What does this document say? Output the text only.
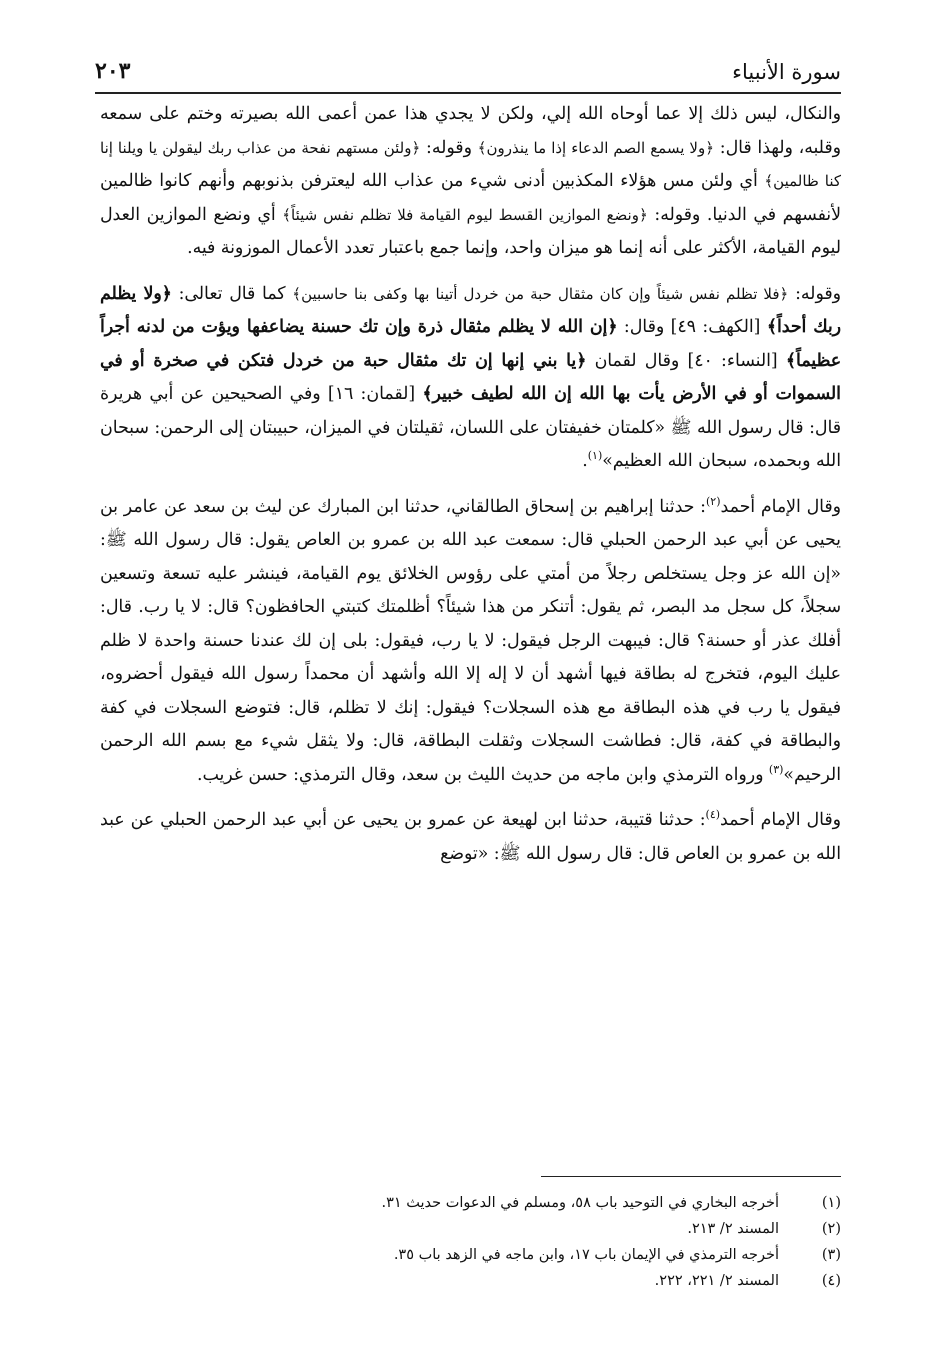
سورة الأنبياء
٢٠٣

والنكال، ليس ذلك إلا عما أوحاه الله إلي، ولكن لا يجدي هذا عمن أعمى الله بصيرته وختم على سمعه وقلبه، ولهذا قال: ﴿ولا يسمع الصم الدعاء إذا ما ينذرون﴾ وقوله: ﴿ولئن مستهم نفحة من عذاب ربك ليقولن يا ويلنا إنا كنا ظالمين﴾ أي ولئن مس هؤلاء المكذبين أدنى شيء من عذاب الله ليعترفن بذنوبهم وأنهم كانوا ظالمين لأنفسهم في الدنيا. وقوله: ﴿ونضع الموازين القسط ليوم القيامة فلا تظلم نفس شيئاً﴾ أي ونضع الموازين العدل ليوم القيامة، الأكثر على أنه إنما هو ميزان واحد، وإنما جمع باعتبار تعدد الأعمال الموزونة فيه.

وقوله: ﴿فلا تظلم نفس شيئاً وإن كان مثقال حبة من خردل أتينا بها وكفى بنا حاسبين﴾ كما قال تعالى: ﴿ولا يظلم ربك أحداً﴾ [الكهف: ٤٩] وقال: ﴿إن الله لا يظلم مثقال ذرة وإن تك حسنة يضاعفها ويؤت من لدنه أجراً عظيماً﴾ [النساء: ٤٠] وقال لقمان ﴿يا بني إنها إن تك مثقال حبة من خردل فتكن في صخرة أو في السموات أو في الأرض يأت بها الله إن الله لطيف خبير﴾ [لقمان: ١٦] وفي الصحيحين عن أبي هريرة قال: قال رسول الله ﷺ «كلمتان خفيفتان على اللسان، ثقيلتان في الميزان، حبيبتان إلى الرحمن: سبحان الله وبحمده، سبحان الله العظيم»$^{(١)}$.

وقال الإمام أحمد$^{(٢)}$: حدثنا إبراهيم بن إسحاق الطالقاني، حدثنا ابن المبارك عن ليث بن سعد عن عامر بن يحيى عن أبي عبد الرحمن الحبلي قال: سمعت عبد الله بن عمرو بن العاص يقول: قال رسول الله ﷺ: «إن الله عز وجل يستخلص رجلاً من أمتي على رؤوس الخلائق يوم القيامة، فينشر عليه تسعة وتسعين سجلاً، كل سجل مد البصر، ثم يقول: أتنكر من هذا شيئاً؟ أظلمتك كتبتي الحافظون؟ قال: لا يا رب. قال: أفلك عذر أو حسنة؟ قال: فيبهت الرجل فيقول: لا يا رب، فيقول: بلى إن لك عندنا حسنة واحدة لا ظلم عليك اليوم، فتخرج له بطاقة فيها أشهد أن لا إله إلا الله وأشهد أن محمداً رسول الله فيقول أحضروه، فيقول يا رب في هذه البطاقة مع هذه السجلات؟ فيقول: إنك لا تظلم، قال: فتوضع السجلات في كفة والبطاقة في كفة، قال: فطاشت السجلات وثقلت البطاقة، قال: ولا يثقل شيء مع بسم الله الرحمن الرحيم»$^{(٣)}$ ورواه الترمذي وابن ماجه من حديث الليث بن سعد، وقال الترمذي: حسن غريب.

وقال الإمام أحمد$^{(٤)}$: حدثنا قتيبة، حدثنا ابن لهيعة عن عمرو بن يحيى عن أبي عبد الرحمن الحبلي عن عبد الله بن عمرو بن العاص قال: قال رسول الله ﷺ: «توضع

(١)
أخرجه البخاري في التوحيد باب ٥٨، ومسلم في الدعوات حديث ٣١.
(٢)
المسند ٢/ ٢١٣.
(٣)
أخرجه الترمذي في الإيمان باب ١٧، وابن ماجه في الزهد باب ٣٥.
(٤)
المسند ٢/ ٢٢١، ٢٢٢.
